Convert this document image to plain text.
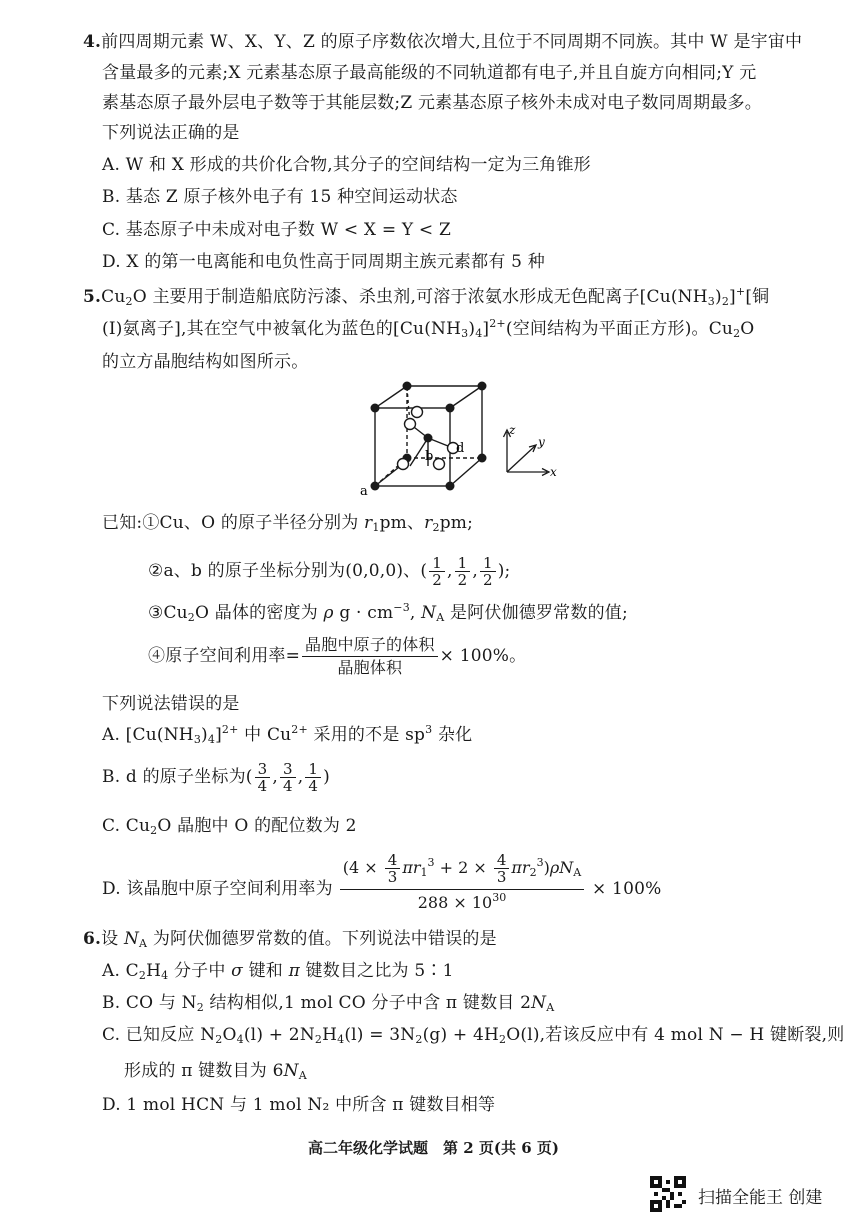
4.前四周期元素 W、X、Y、Z 的原子序数依次增大,且位于不同周期不同族。其中 W 是宇宙中
含量最多的元素;X 元素基态原子最高能级的不同轨道都有电子,并且自旋方向相同;Y 元
素基态原子最外层电子数等于其能层数;Z 元素基态原子核外未成对电子数同周期最多。
下列说法正确的是
A. W 和 X 形成的共价化合物,其分子的空间结构一定为三角锥形
B. 基态 Z 原子核外电子有 15 种空间运动状态
C. 基态原子中未成对电子数 W < X = Y < Z
D. X 的第一电离能和电负性高于同周期主族元素都有 5 种
$5.Cu_2O$ 主要用于制造船底防污漆、杀虫剂,可溶于浓氨水形成无色配离子$[Cu(NH_3)_2]^+$[铜
(Ⅰ)氨离子],其在空气中被氧化为蓝色的$[Cu(NH_3)_4]^{2+}$(空间结构为平面正方形)。$Cu_2O$
的立方晶胞结构如图所示。
a
b
d
z
y
x
已知:①Cu、O 的原子半径分别为 $r_1pm$、$r_2pm$;
②a、b 的原子坐标分别为(0,0,0)、( $\frac{1}{2}$ , $\frac{1}{2}$ , $\frac{1}{2}$ );
$③Cu_2O$ 晶体的密度为 ρ $g \cdot cm^{-3}$, $N_A$ 是阿伏伽德罗常数的值;
④原子空间利用率= $\frac{\text{晶胞中原子的体积}}{\text{晶胞体积}} \times 100\%$。
下列说法错误的是
A. $[Cu(NH_3)_4]^{2+}$ 中 $Cu^{2+}$ 采用的不是 $sp^3$ 杂化
B. d 的原子坐标为( $\frac{3}{4}$ , $\frac{3}{4}$ , $\frac{1}{4}$ )
C. $Cu_2O$ 晶胞中 O 的配位数为 2
D. 该晶胞中原子空间利用率为
$(4 \times \frac{4}{3} \pi r_1^3 + 2 \times \frac{4}{3} \pi r_2^3)\rho N_A$
$288 \times 10^{30}$	× 100%
6.设 $N_A$ 为阿伏伽德罗常数的值。下列说法中错误的是
A. $C_2H_4$ 分子中 σ 键和 π 键数目之比为 5∶1
B. CO 与 $N_2$ 结构相似,1 mol CO 分子中含 π 键数目 $2N_A$
C. 已知反应 $N_2O_4(l) + 2N_2H_4(l) = 3N_2(g) + 4H_2O(l)$,若该反应中有 4 mol N − H 键断裂,则
形成的 π 键数目为 $6N_A$
D. 1 mol HCN 与 1 mol N₂ 中所含 π 键数目相等
高二年级化学试题　第 2 页(共 6 页)
扫描全能王 创建
